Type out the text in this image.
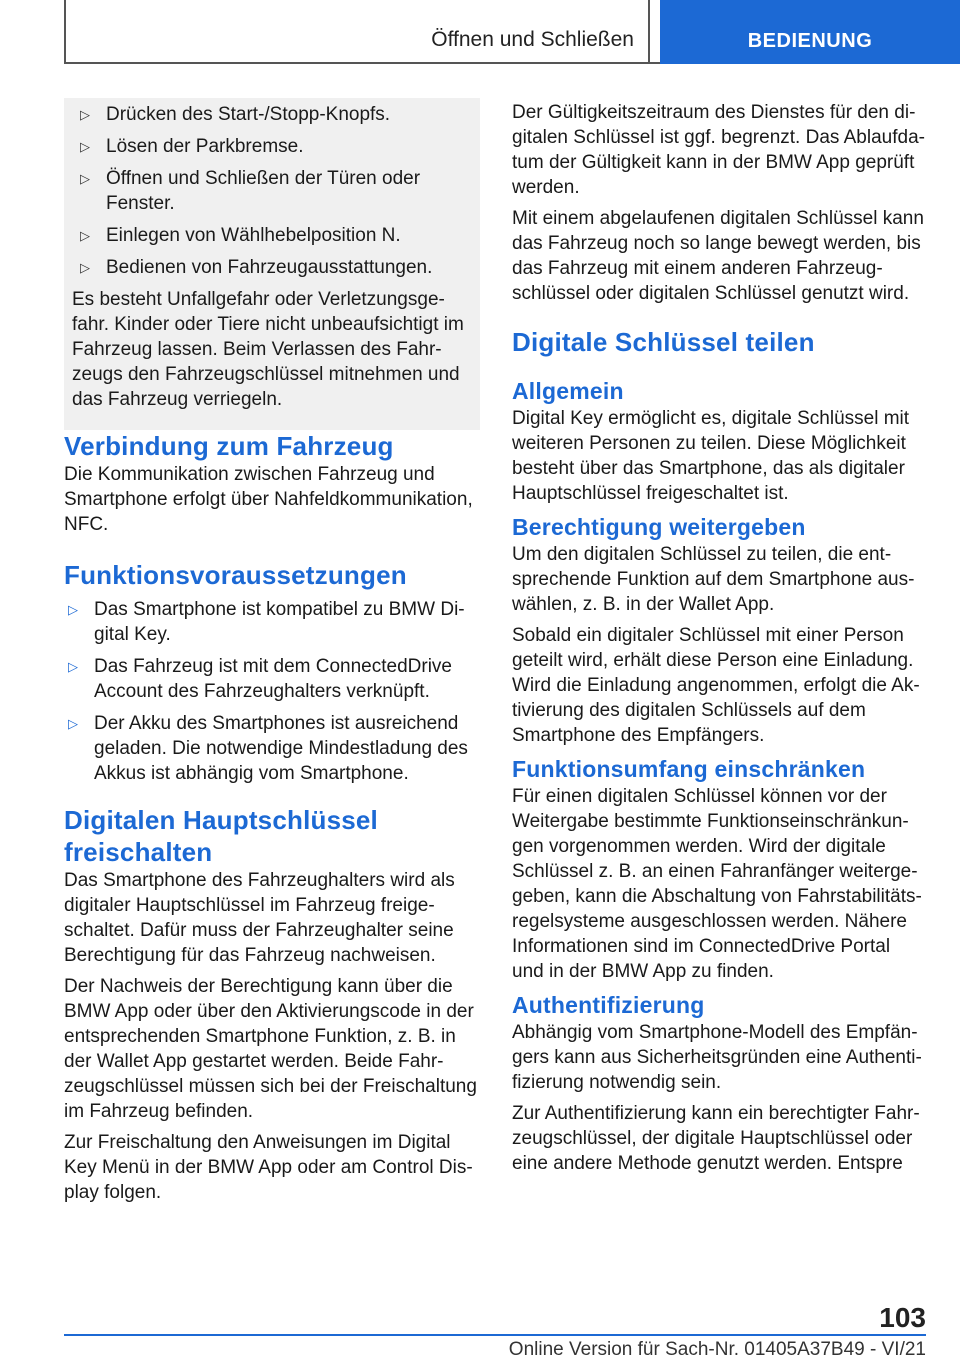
Öffnen und Schließen	BEDIENUNG
▷ Drücken des Start-/Stopp-Knopfs.
▷ Lösen der Parkbremse.
▷ Öffnen und Schließen der Türen oder Fenster.
▷ Einlegen von Wählhebelposition N.
▷ Bedienen von Fahrzeugausstattungen.

Es besteht Unfallgefahr oder Verletzungsgefahr. Kinder oder Tiere nicht unbeaufsichtigt im Fahrzeug lassen. Beim Verlassen des Fahrzeugs den Fahrzeugschlüssel mitnehmen und das Fahrzeug verriegeln.

Verbindung zum Fahrzeug

Die Kommunikation zwischen Fahrzeug und Smartphone erfolgt über Nahfeldkommunikation, NFC.

Funktionsvoraussetzungen
▷ Das Smartphone ist kompatibel zu BMW Digital Key.
▷ Das Fahrzeug ist mit dem ConnectedDrive Account des Fahrzeughalters verknüpft.
▷ Der Akku des Smartphones ist ausreichend geladen. Die notwendige Mindestladung des Akkus ist abhängig vom Smartphone.
Digitalen Hauptschlüssel freischalten

Das Smartphone des Fahrzeughalters wird als digitaler Hauptschlüssel im Fahrzeug freigeschaltet. Dafür muss der Fahrzeughalter seine Berechtigung für das Fahrzeug nachweisen.

Der Nachweis der Berechtigung kann über die BMW App oder über den Aktivierungscode in der entsprechenden Smartphone Funktion, z. B. in der Wallet App gestartet werden. Beide Fahrzeugschlüssel müssen sich bei der Freischaltung im Fahrzeug befinden.

Zur Freischaltung den Anweisungen im Digital Key Menü in der BMW App oder am Control Display folgen.

Der Gültigkeitszeitraum des Dienstes für den digitalen Schlüssel ist ggf. begrenzt. Das Ablaufdatum der Gültigkeit kann in der BMW App geprüft werden.

Mit einem abgelaufenen digitalen Schlüssel kann das Fahrzeug noch so lange bewegt werden, bis das Fahrzeug mit einem anderen Fahrzeugschlüssel oder digitalen Schlüssel genutzt wird.

Digitale Schlüssel teilen
Allgemein

Digital Key ermöglicht es, digitale Schlüssel mit weiteren Personen zu teilen. Diese Möglichkeit besteht über das Smartphone, das als digitaler Hauptschlüssel freigeschaltet ist.

Berechtigung weitergeben

Um den digitalen Schlüssel zu teilen, die entsprechende Funktion auf dem Smartphone auswählen, z. B. in der Wallet App.

Sobald ein digitaler Schlüssel mit einer Person geteilt wird, erhält diese Person eine Einladung. Wird die Einladung angenommen, erfolgt die Aktivierung des digitalen Schlüssels auf dem Smartphone des Empfängers.

Funktionsumfang einschränken

Für einen digitalen Schlüssel können vor der Weitergabe bestimmte Funktionseinschränkungen vorgenommen werden. Wird der digitale Schlüssel z. B. an einen Fahranfänger weitergegeben, kann die Abschaltung von Fahrstabilitätsregelsysteme ausgeschlossen werden. Nähere Informationen sind im ConnectedDrive Portal und in der BMW App zu finden.

Authentifizierung

Abhängig vom Smartphone-Modell des Empfängers kann aus Sicherheitsgründen eine Authentifizierung notwendig sein.

Zur Authentifizierung kann ein berechtigter Fahrzeugschlüssel, der digitale Hauptschlüssel oder eine andere Methode genutzt werden. Entspre

103
Online Version für Sach-Nr. 01405A37B49 - VI/21
